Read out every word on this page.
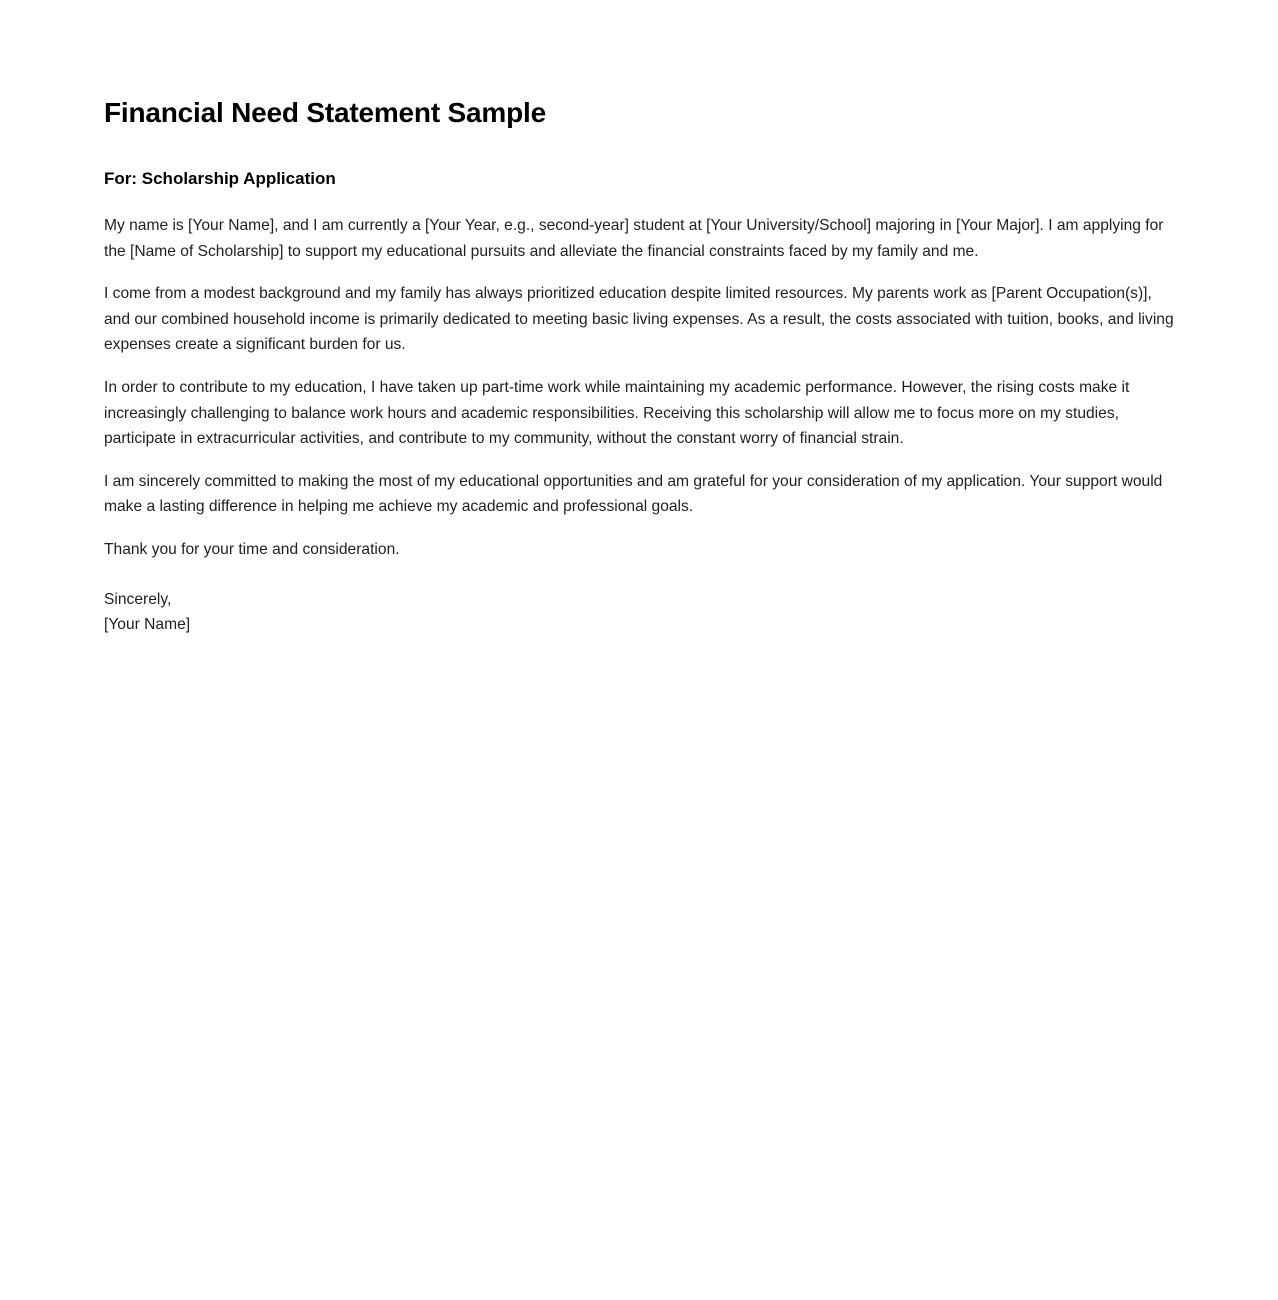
Financial Need Statement Sample
For: Scholarship Application

My name is [Your Name], and I am currently a [Your Year, e.g., second-year] student at [Your University/School] majoring in [Your Major]. I am applying for the [Name of Scholarship] to support my educational pursuits and alleviate the financial constraints faced by my family and me.

I come from a modest background and my family has always prioritized education despite limited resources. My parents work as [Parent Occupation(s)], and our combined household income is primarily dedicated to meeting basic living expenses. As a result, the costs associated with tuition, books, and living expenses create a significant burden for us.

In order to contribute to my education, I have taken up part-time work while maintaining my academic performance. However, the rising costs make it increasingly challenging to balance work hours and academic responsibilities. Receiving this scholarship will allow me to focus more on my studies, participate in extracurricular activities, and contribute to my community, without the constant worry of financial strain.

I am sincerely committed to making the most of my educational opportunities and am grateful for your consideration of my application. Your support would make a lasting difference in helping me achieve my academic and professional goals.

Thank you for your time and consideration.

Sincerely,

[Your Name]
